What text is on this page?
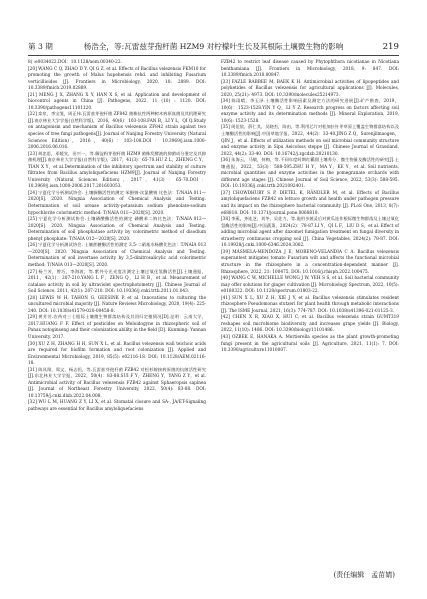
第 3 期	杨浩全，等:瓦雷兹芽孢杆菌 HZM9 对柠檬叶生长及其根际土壤微生物的影响	219

8) :e0034022.DOI：10.1128/aem.00340-22.

[20] WANG C Q, ZHAO D Y, QI G Z, et al. Effects of Bacillus velezensis FKM10 for promoting the growth of Malus hupehensis rehd. and inhibiting Fusarium verticillioides [J]. Frontiers in Microbiology, 2020, 10: 2889. DOI: 10.3389/fmicb.2019.02889.

[21] MENG J X, ZHANG X Y, HAN X S, et al. Application and development of biocontrol agents in China [J]. Pathogens, 2022, 11 (10) : 1120. DOI: 10.3390/pathogens11101120.

[22] 栾泉，李宝笺，周正伟.瓦雷兹芽孢杆菌 ZF842 菌株抗性两种树木病原真菌及其机理研究[J].南京林业大学学报(自然科学版)，2016，40(6)：103-108.FAN B，LI Y L，QI Q.Study on antagonism and mechanism of Bacillus velezensis ZF842 strain against two species of tree fungi pathogens[J]. Journal of Nanjing Forestry University (Natural Sciences Edition)，2016，40(6)：103-108.DOI：10.3969/j.issn.1000-2006.2016.06.016.

[23] 胡忠思，邓媛宣，田兴一，等.解淀粉芽孢杆菌 HZM9 菌株发酵液的抑菌成分鉴定及其抑菌机理[J].南京林业大学学报(自然科学版)，2017，41(3)：65-70.HU Z L，ZHENG C Y，TIAN X Y，et al.Determination of the inhibitory spectrum and stability of culture filtrates from Bacillus amyloliquefaciens HZM9[J]. Journal of Nanjing Forestry University (Natural Sciences Edition)，2017，41(3)：65-70.DOI：10.3969/j.issn.1000-2006.2017.201603053.

[24] 宁夏化学分析测试协会. 土壤脲酶活性的测定 苯酚钠-次氯酸钠 比色法：T/NAIA 011—2020[S]. 2020. Ningxia Association of Chemical Analysis and Testing. Determination of soil urease activity-potassium sodium phenolate-sodium hypochlorite colorimetric method: T/NAIA 011—2020[S]. 2020.

[25] 宁夏化学分析测试协会.土壤磷酸酶活性的测定 磷酸苯二钠比色法：T/NAIA 012—2020[S]. 2020. Ningxia Association of Chemical Analysis and Testing. Determination of soil phosphatase activity by colorimetric method of disodium phenyl phosphate: T/NAIA 012—2020[S]. 2020.

[26] 宁夏化学分析测试协会. 土壤蔗糖酶活性的测定 3,5-二硝基水杨酸比色法：T/NAIA 013—2020[S]. 2020. Ningxia Association of Chemical Analysis and Testing. Determination of soil invertase activity by 3,5-dinitrosalicylic acid colorimetric method: T/NAIA 013—2020[S]. 2020.

[27] 杨兰芳，曾巧，李海波，等.紫外分光光度法测定土壤过氧化氢酶活性[J].土壤通报，2011，42(1)：207-210.YANG L F，ZENG Q，LI H B，et al. Measurement of catalase activity in soil by ultraviolet spectrophotometry [J]. Chinese Journal of Soil Science, 2011, 42(1): 207-210. DOI: 10.19336/j.cnki.trtb.2011.01.043.

[28] LEWIS W H, TAHON G, GEESINK P, et al. Innovations to culturing the uncultured microbial majority [J]. Nature Reviews Microbiology, 2020, 19(4): 225-240. DOI: 10.1038/s41579-020-00458-8.

[29] 黄芳芳.农药对三七根际土壤微生物群落结构及其回归定植情况[D].昆明：云南大学，2017.HUANG F F. Effect of pesticides on Meloidogyne in rhizospheric soil of Panax notoginseng and their colonization ability in the field [D]. Kunming: Yunnan University, 2017.

[30] XU Z H, ZHANG H H, SUN X L, et al. Bacillus velezensis wall teichoic acids are required for biofilm formation and root colonization [J]. Applied and Environmental Microbiology, 2019, 85(5): e02116-18. DOI: 10.1128/AEM.02116-18.

[31] 陈凤翔，郑文，杨志恒，等.瓦雷兹芽孢杆菌 FZB42 对松杉嫁接病原菌的抗菌活性研究[J].东北林业大学学报，2022，50(4)：83-88.SUI F Y，ZHENG Y，YANG Z Y，et al. Antimicrobial activity of Bacillus velezensis FZB42 against Sphaeropsis sapinea [J]. Journal of Northeast Forestry University, 2022, 50(4): 83-88. DOI: 10.13759/j.cnki.dlxb.2022.04.008.

[32] WU L M, HUANG Z Y, LI X, et al. Stomatal closure and SA-, JA/ET-Signaling pathways are essential for Bacillus amyloliquefaciens

FZB42 to restrict leaf disease caused by Phytophthora nicotianae in Nicotiana benthamiana [J]. Frontiers in Microbiology, 2018, 9: 847. DOI: 10.3389/fmicb.2018.00847.

[33] FAZLE RABBEE M, BAEK K H. Antimicrobial activities of lipopeptides and polyketides of Bacillus velezensis for agricultural applications [J]. Molecules, 2020, 25(21): 4973. DOI: 10.3390/molecules25214973.

[34] 陈雨晴，李玉泽.土壤酶活性影响因素及测定方法的研究进展[J].矿产勘查，2019，10(6)：1523-1528.YIN Y Q，LI Y Z. Research progress on factors affecting soil enzyme activity and its determination methods [J]. Mineral Exploration, 2019, 10(6): 1523-1528.

[35] 周佳依，薛仁其，吴晓杰，陈由，等.利用芯片对松加拉针茅草原上覆盖生物群落结构以及土壤酶活性的影响[J].中国草地学报，2022，44(2)：33-40.JING Z Q，Surenjilmaogen，QIN J，et al. Effects of utilization methods on soil microbial community structure and enzyme activity in Sipu Aeicoloss steppe [J]. Chinese Journal of Grassland, 2022, 44(2): 33-40. DOI: 10.16742/j.zgcdxb.20210130.

[36] 朱海云，马敏，何梅，等.不同年度时期红瓤甜土壤养分，微生物量及酶活性的研究[J].土壤通报，2022，53(3)：588-595.ZHU H Y，MA Y，KE Y，et al. Soil nutrients, microbial quantities and enzyme activities in the pomegranate orchards with different age stages [J]. Chinese Journal of Soil Science, 2022, 53(3): 588-595. DOI: 10.19336/j.cnki.trtb.2021092401.

[37] CHOWDHURY S P, DIETEL K, RÄNDLER M, et al. Effects of Bacillus amyloliquefaciens FZB42 on lettuce growth and health under pathogen pressure and its impact on the rhizosphere bacterial community [J]. PLoS One, 2013, 8(7): e68818. DOI: 10.1371/journal.pone.0068818.

[38] 李燕，齐连芝，刘冬，吴佐力，等.施用多菌灵后对黄瓜连作根际微生物群落及土壤过氧化氢酶活性的影响[J].中国蔬菜，2024(2)：78-87.LI Y，QI L F，LIU D S，et al. Effect of adding microbial agent after dazomet fumigation treatment on fungal diversity in strawberry continuous cropping soil [J]. China Vegetables, 2024(2): 78-87. DOI: 10.19928/j.cnki.1000-6346.2024.3002.

[39] MÁSMELA-MENDOZA J E, MORENO-VELANDIA C A. Bacillus velezensis superantest mitigates tomato Fusarium wilt and affects the functional microbial structure in the rhizosphere in a concentration-dependent manner [J]. Rhizosphere, 2022, 21: 100475. DOI: 10.1016/j.rhisph.2022.100475.

[40] WANG C W, MICHELLE WONG J W, YEH S S, et al. Soil bacterial community may offer solutions for ginger cultivation [J]. Microbiology Spectrum, 2022, 10(5): e0180322. DOI: 10.1128/spectrum.01803-22.

[41] SUN X L, XU Z H, XIE J Y, et al. Bacillus velezensis stimulates resident rhizosphere Pseudomonas stutzeri for plant health through metabolic interactions [J]. The ISME Journal, 2021, 16(3): 774-787. DOI: 10.1038/s41396-021-01125-3.

[42] CHEN X R, XIAO X, HUI C, et al. Bacillus velezensis strain GUMT319 reshapes soil microbiome biodiversity and increases grape yields [J]. Biology, 2022, 11(10): 1486. DOI: 10.3390/biology11101486.

[43] OZBEK E, HANAKA A. Mortierella species as the plant growth-promoting fungi present in the agricultural soils [J]. Agriculture, 2021, 11(1): 7. DOI: 10.3390/agriculture11010007.

(责任编辑　孟苗婧)
